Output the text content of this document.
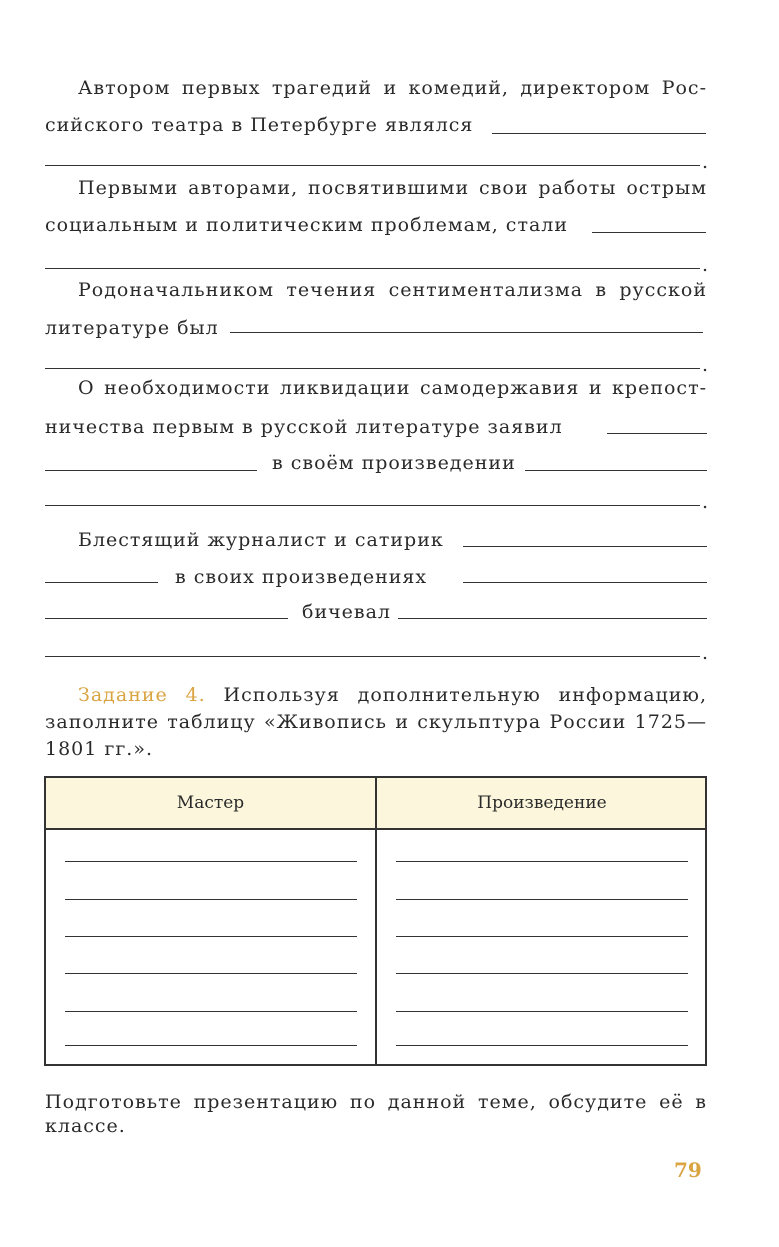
Автором первых трагедий и комедий, директором Рос-
сийского театра в Петербурге являлся
.
Первыми авторами, посвятившими свои работы острым
социальным и политическим проблемам, стали
.
Родоначальником течения сентиментализма в русской
литературе был
.
О необходимости ликвидации самодержавия и крепост-
ничества первым в русской литературе заявил
в своём произведении
.
Блестящий журналист и сатирик
в своих произведениях
бичевал
.
Задание 4. Используя дополнительную информацию,
заполните таблицу «Живопись и скульптура России 1725—
1801 гг.».
Мастер	Произведение
Подготовьте презентацию по данной теме, обсудите её в
классе.
79
